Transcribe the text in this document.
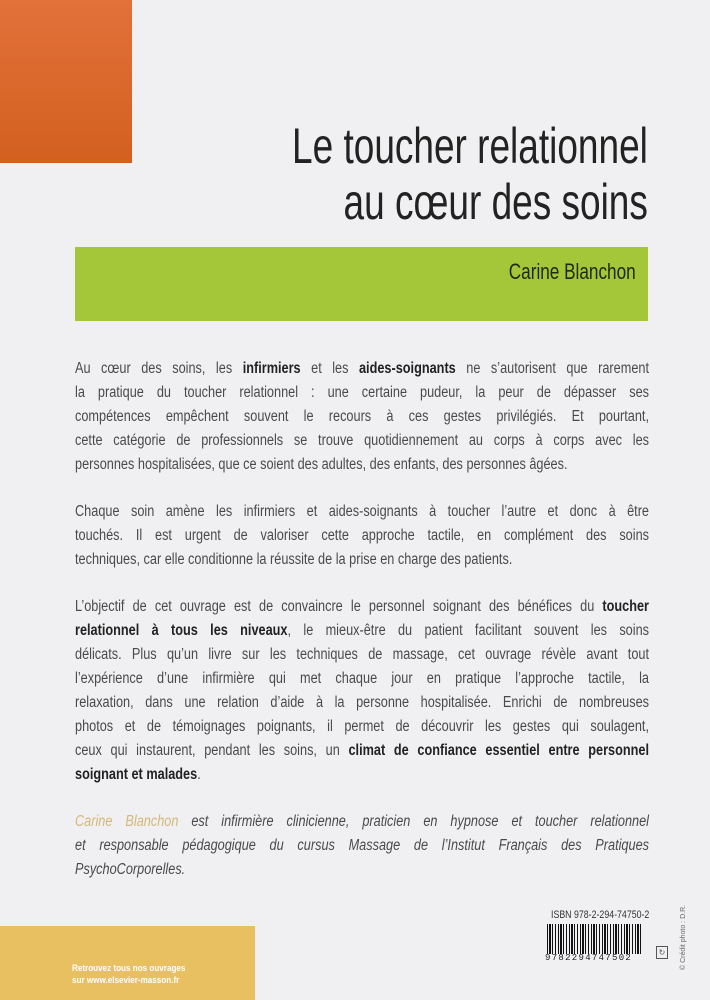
Le toucher relationnel
au cœur des soins
Carine Blanchon
Au cœur des soins, les infirmiers et les aides-soignants ne s’autorisent que rarement
la pratique du toucher relationnel : une certaine pudeur, la peur de dépasser ses
compétences empêchent souvent le recours à ces gestes privilégiés. Et pourtant,
cette catégorie de professionnels se trouve quotidiennement au corps à corps avec les
personnes hospitalisées, que ce soient des adultes, des enfants, des personnes âgées.
Chaque soin amène les infirmiers et aides-soignants à toucher l’autre et donc à être
touchés. Il est urgent de valoriser cette approche tactile, en complément des soins
techniques, car elle conditionne la réussite de la prise en charge des patients.
L’objectif de cet ouvrage est de convaincre le personnel soignant des bénéfices du toucher
relationnel à tous les niveaux, le mieux-être du patient facilitant souvent les soins
délicats. Plus qu’un livre sur les techniques de massage, cet ouvrage révèle avant tout
l’expérience d’une infirmière qui met chaque jour en pratique l’approche tactile, la
relaxation, dans une relation d’aide à la personne hospitalisée. Enrichi de nombreuses
photos et de témoignages poignants, il permet de découvrir les gestes qui soulagent,
ceux qui instaurent, pendant les soins, un climat de confiance essentiel entre personnel
soignant et malades.
Carine Blanchon est infirmière clinicienne, praticien en hypnose et toucher relationnel
et responsable pédagogique du cursus Massage de l’Institut Français des Pratiques
PsychoCorporelles.
Retrouvez tous nos ouvrages
sur www.elsevier-masson.fr
ISBN 978-2-294-74750-2
9782294747502
↻	© Crédit photo : D.R.
